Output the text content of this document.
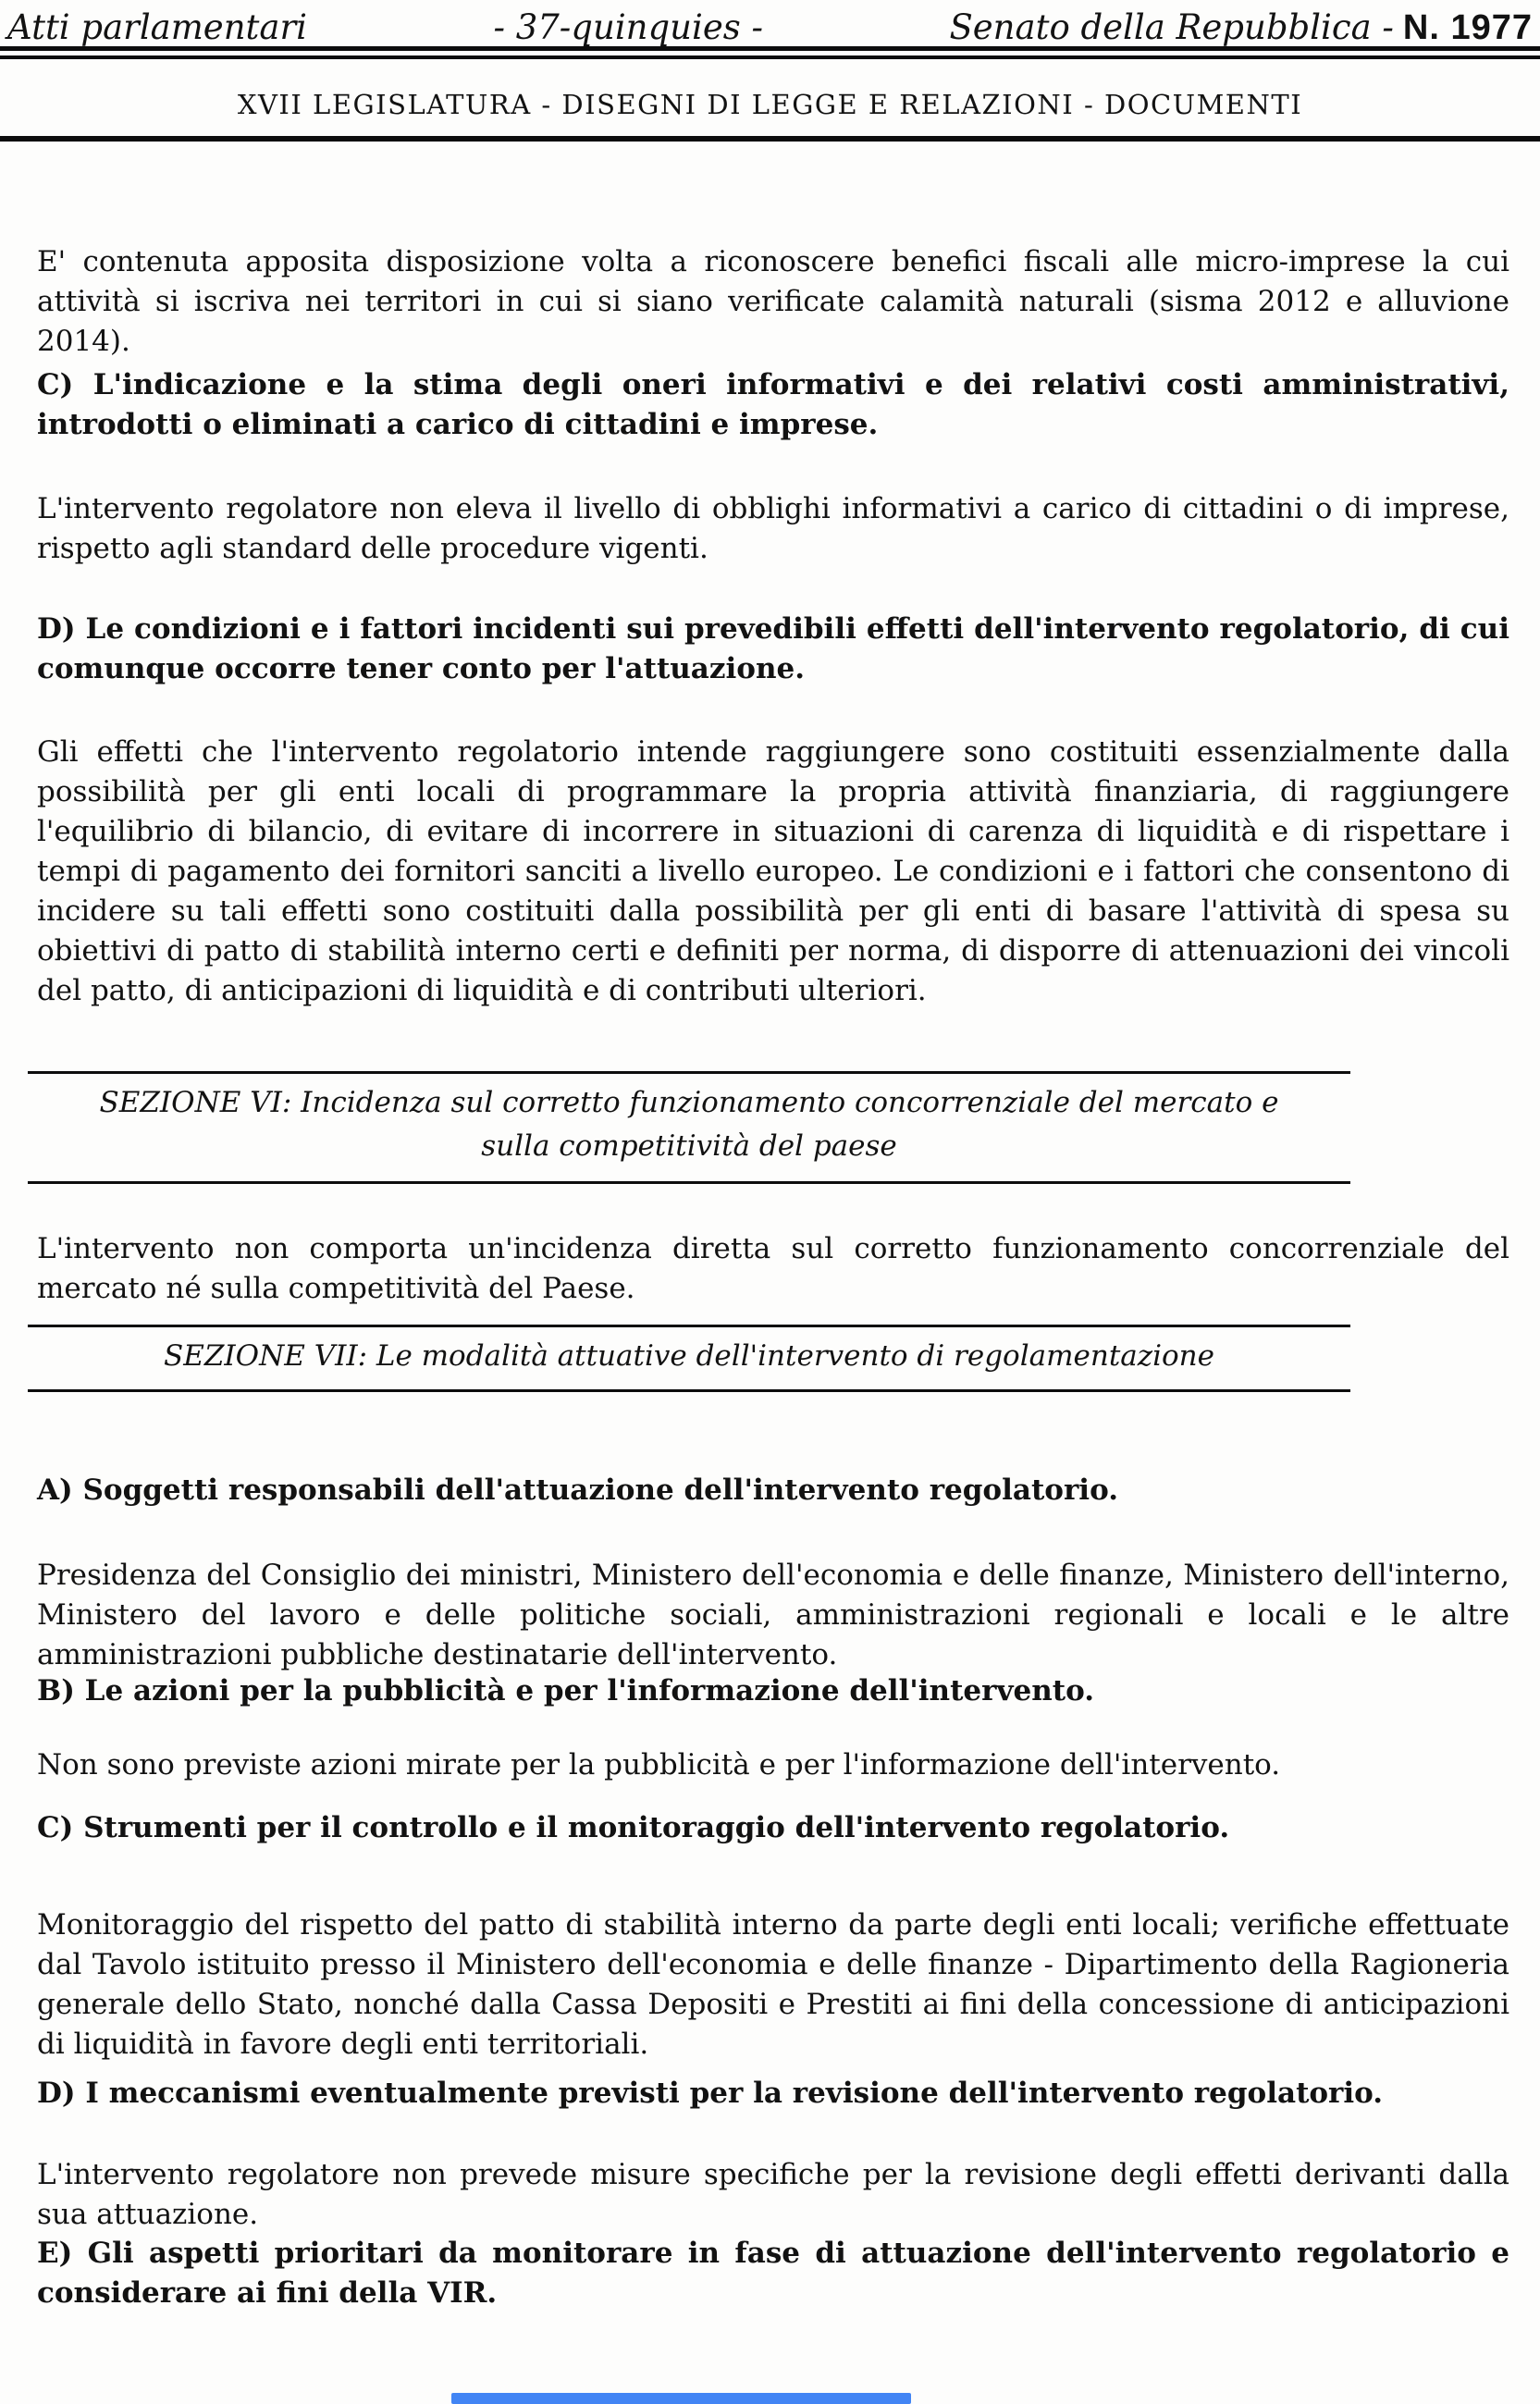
Atti parlamentari	- 37-quinquies -	Senato della Repubblica - N. 1977
XVII LEGISLATURA - DISEGNI DI LEGGE E RELAZIONI - DOCUMENTI

E' contenuta apposita disposizione volta a riconoscere benefici fiscali alle micro-imprese la cui attività si iscriva nei territori in cui si siano verificate calamità naturali (sisma 2012 e alluvione 2014).

C) L'indicazione e la stima degli oneri informativi e dei relativi costi amministrativi, introdotti o eliminati a carico di cittadini e imprese.

L'intervento regolatore non eleva il livello di obblighi informativi a carico di cittadini o di imprese, rispetto agli standard delle procedure vigenti.

D) Le condizioni e i fattori incidenti sui prevedibili effetti dell'intervento regolatorio, di cui comunque occorre tener conto per l'attuazione.

Gli effetti che l'intervento regolatorio intende raggiungere sono costituiti essenzialmente dalla possibilità per gli enti locali di programmare la propria attività finanziaria, di raggiungere l'equilibrio di bilancio, di evitare di incorrere in situazioni di carenza di liquidità e di rispettare i tempi di pagamento dei fornitori sanciti a livello europeo. Le condizioni e i fattori che consentono di incidere su tali effetti sono costituiti dalla possibilità per gli enti di basare l'attività di spesa su obiettivi di patto di stabilità interno certi e definiti per norma, di disporre di attenuazioni dei vincoli del patto, di anticipazioni di liquidità e di contributi ulteriori.

SEZIONE VI: Incidenza sul corretto funzionamento concorrenziale del mercato e sulla competitività del paese

L'intervento non comporta un'incidenza diretta sul corretto funzionamento concorrenziale del mercato né sulla competitività del Paese.

SEZIONE VII: Le modalità attuative dell'intervento di regolamentazione

A) Soggetti responsabili dell'attuazione dell'intervento regolatorio.

Presidenza del Consiglio dei ministri, Ministero dell'economia e delle finanze, Ministero dell'interno, Ministero del lavoro e delle politiche sociali, amministrazioni regionali e locali e le altre amministrazioni pubbliche destinatarie dell'intervento.

B) Le azioni per la pubblicità e per l'informazione dell'intervento.

Non sono previste azioni mirate per la pubblicità e per l'informazione dell'intervento.

C) Strumenti per il controllo e il monitoraggio dell'intervento regolatorio.

Monitoraggio del rispetto del patto di stabilità interno da parte degli enti locali; verifiche effettuate dal Tavolo istituito presso il Ministero dell'economia e delle finanze - Dipartimento della Ragioneria generale dello Stato, nonché dalla Cassa Depositi e Prestiti ai fini della concessione di anticipazioni di liquidità in favore degli enti territoriali.

D) I meccanismi eventualmente previsti per la revisione dell'intervento regolatorio.

L'intervento regolatore non prevede misure specifiche per la revisione degli effetti derivanti dalla sua attuazione.

E) Gli aspetti prioritari da monitorare in fase di attuazione dell'intervento regolatorio e considerare ai fini della VIR.
